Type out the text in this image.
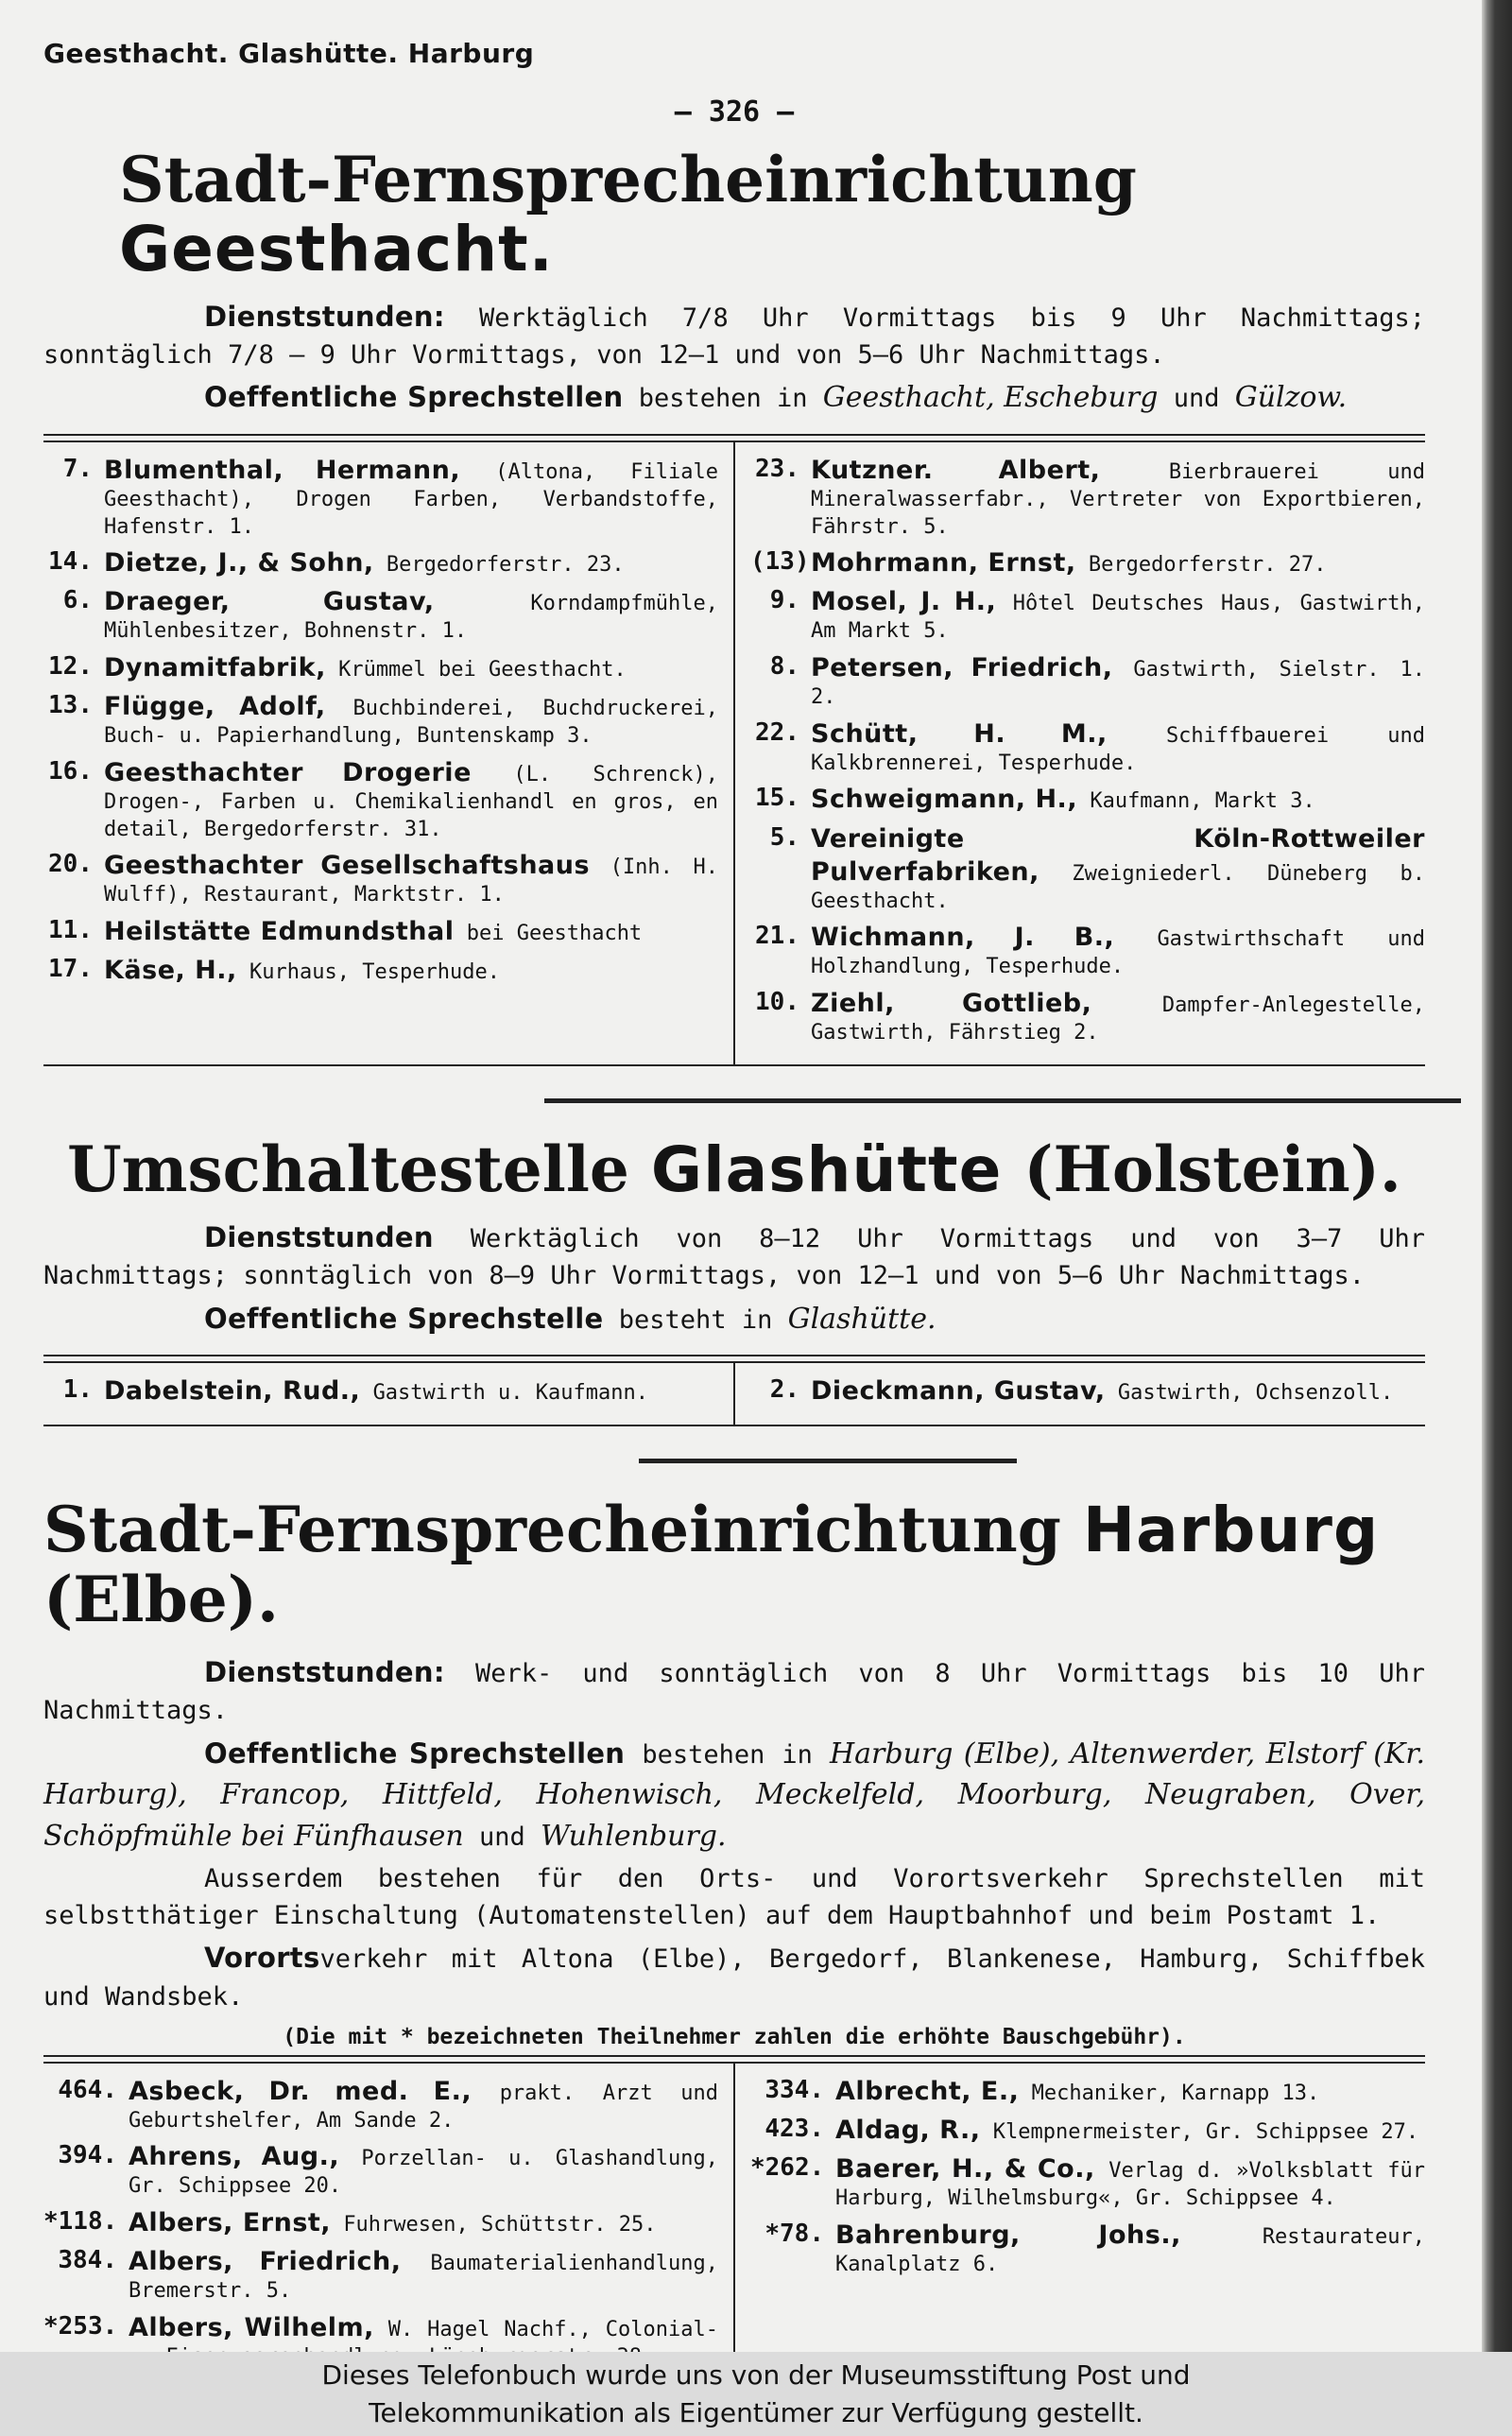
Geesthacht. Glashütte. Harburg
— 326 —
Stadt-Fernsprecheinrichtung Geesthacht.

Dienststunden: Werktäglich 7/8 Uhr Vormittags bis 9 Uhr Nachmittags; sonntäglich 7/8 — 9 Uhr Vormittags, von 12—1 und von 5—6 Uhr Nachmittags.

Oeffentliche Sprechstellen bestehen in Geesthacht, Escheburg und Gülzow.

7. Blumenthal, Hermann, (Altona, Filiale Geesthacht), Drogen Farben, Verbandstoffe, Hafenstr. 1.
14. Dietze, J., & Sohn, Bergedorferstr. 23.
6. Draeger, Gustav,	Korndampfmühle, Mühlenbesitzer, Bohnenstr. 1.
12. Dynamitfabrik, Krümmel bei Geesthacht.
13. Flügge, Adolf, Buchbinderei, Buchdruckerei, Buch- u. Papierhandlung, Buntenskamp 3.
16. Geesthachter Drogerie (L. Schrenck), Drogen-, Farben u. Chemikalienhandl en gros, en detail, Bergedorferstr. 31.
20. Geesthachter Gesellschaftshaus (Inh. H. Wulff), Restaurant, Marktstr. 1.
11. Heilstätte Edmundsthal bei Geesthacht
17. Käse, H., Kurhaus, Tesperhude.
23. Kutzner. Albert,	Bierbrauerei und Mineralwasserfabr., Vertreter von Exportbieren, Fährstr. 5.
(13) Mohrmann, Ernst, Bergedorferstr. 27.
9. Mosel, J. H., Hôtel Deutsches Haus, Gastwirth, Am Markt 5.
8. Petersen, Friedrich, Gastwirth, Sielstr. 1. 2.
22. Schütt, H. M.,	Schiffbauerei und Kalkbrennerei, Tesperhude.
15. Schweigmann, H., Kaufmann, Markt 3.
5. Vereinigte Köln-Rottweiler Pulverfabriken, Zweigniederl. Düneberg b. Geesthacht.
21. Wichmann, J. B., Gastwirthschaft und Holzhandlung, Tesperhude.
10. Ziehl, Gottlieb,	Dampfer-Anlegestelle, Gastwirth, Fährstieg 2.
Umschaltestelle Glashütte (Holstein).

Dienststunden Werktäglich von 8—12 Uhr Vormittags und von 3—7 Uhr Nachmittags; sonntäglich von 8—9 Uhr Vormittags, von 12—1 und von 5—6 Uhr Nachmittags.

Oeffentliche Sprechstelle besteht in Glashütte.

1. Dabelstein, Rud., Gastwirth u. Kaufmann.	2. Dieckmann, Gustav, Gastwirth, Ochsenzoll.
Stadt-Fernsprecheinrichtung Harburg (Elbe).

Dienststunden: Werk- und sonntäglich von 8 Uhr Vormittags bis 10 Uhr Nachmittags.

Oeffentliche Sprechstellen bestehen in Harburg (Elbe), Altenwerder, Elstorf (Kr. Harburg), Francop, Hittfeld, Hohenwisch, Meckelfeld, Moorburg, Neugraben, Over, Schöpfmühle bei Fünfhausen und Wuhlenburg.

Ausserdem bestehen für den Orts- und Vorortsverkehr Sprechstellen mit selbstthätiger Einschaltung (Automatenstellen) auf dem Hauptbahnhof und beim Postamt 1.

Vorortsverkehr mit Altona (Elbe), Bergedorf, Blankenese, Hamburg, Schiffbek und Wandsbek.

(Die mit * bezeichneten Theilnehmer zahlen die erhöhte Bauschgebühr).

464. Asbeck, Dr. med. E., prakt. Arzt und Geburtshelfer, Am Sande 2.
394. Ahrens, Aug., Porzellan- u. Glashandlung, Gr. Schippsee 20.
*118. Albers, Ernst, Fuhrwesen, Schüttstr. 25.
384. Albers, Friedrich, Baumaterialienhandlung, Bremerstr. 5.
*253. Albers, Wilhelm, W. Hagel Nachf., Colonial-
334. Albrecht, E., Mechaniker, Karnapp 13.
423. Aldag, R., Klempnermeister, Gr. Schippsee 27.
*262. Baerer, H., & Co., Verlag d. »Volksblatt für Harburg, Wilhelmsburg«, Gr. Schippsee 4.
*78. Bahrenburg, Johs.,	Restaurateur, Kanalplatz 6.
Dieses Telefonbuch wurde uns von der Museumsstiftung Post und
Telekommunikation als Eigentümer zur Verfügung gestellt.
